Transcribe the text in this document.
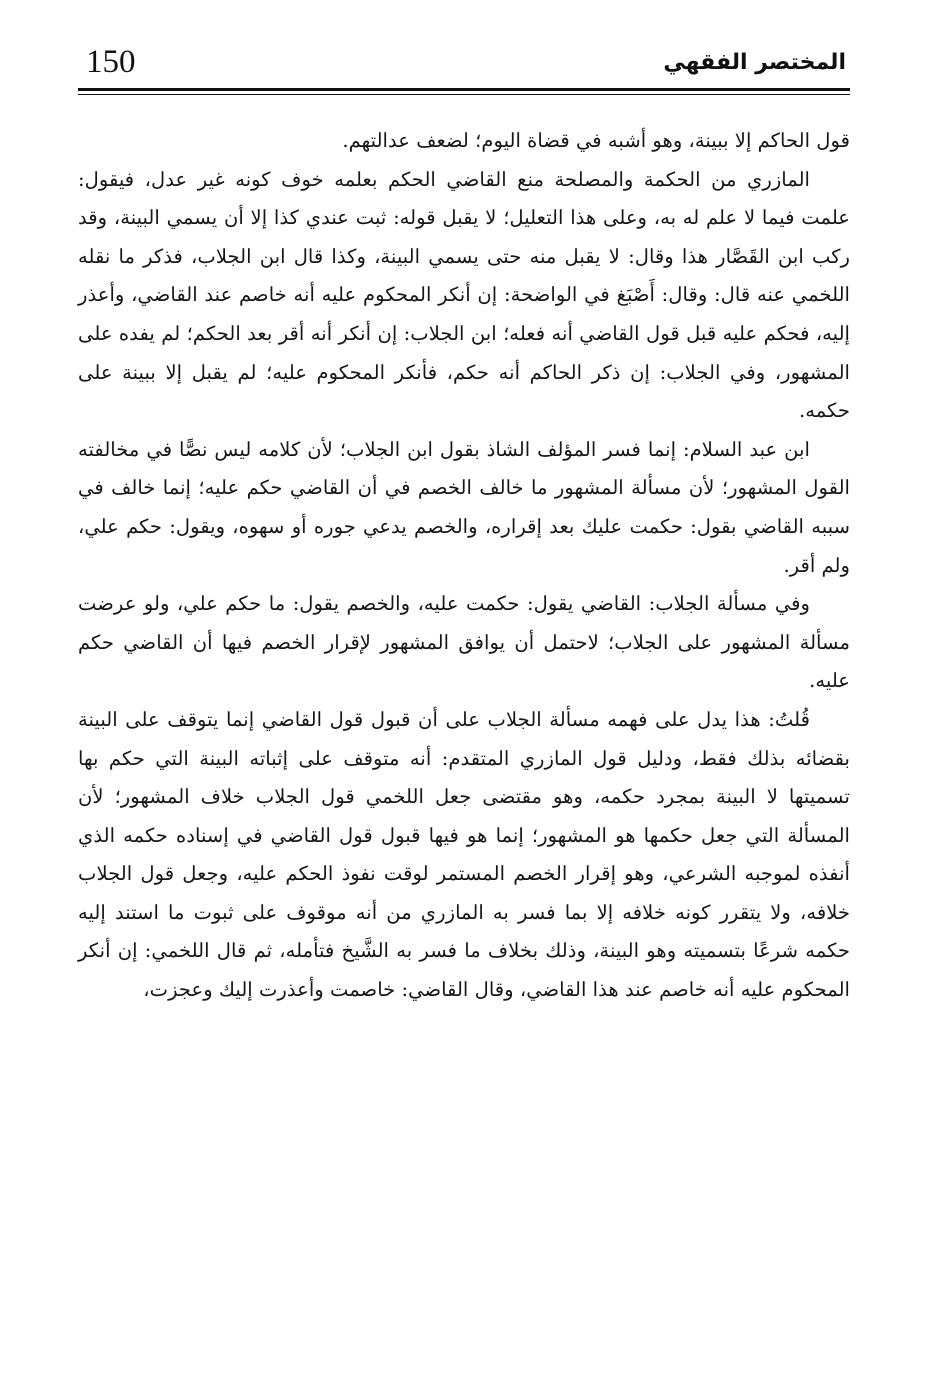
150	المختصر الفقهي

قول الحاكم إلا ببينة، وهو أشبه في قضاة اليوم؛ لضعف عدالتهم.

المازري من الحكمة والمصلحة منع القاضي الحكم بعلمه خوف كونه غير عدل، فيقول: علمت فيما لا علم له به، وعلى هذا التعليل؛ لا يقبل قوله: ثبت عندي كذا إلا أن يسمي البينة، وقد ركب ابن القَصَّار هذا وقال: لا يقبل منه حتى يسمي البينة، وكذا قال ابن الجلاب، فذكر ما نقله اللخمي عنه قال: وقال: أَصْبَغ في الواضحة: إن أنكر المحكوم عليه أنه خاصم عند القاضي، وأعذر إليه، فحكم عليه قبل قول القاضي أنه فعله؛ ابن الجلاب: إن أنكر أنه أقر بعد الحكم؛ لم يفده على المشهور، وفي الجلاب: إن ذكر الحاكم أنه حكم، فأنكر المحكوم عليه؛ لم يقبل إلا ببينة على حكمه.

ابن عبد السلام: إنما فسر المؤلف الشاذ بقول ابن الجلاب؛ لأن كلامه ليس نصًّا في مخالفته القول المشهور؛ لأن مسألة المشهور ما خالف الخصم في أن القاضي حكم عليه؛ إنما خالف في سببه القاضي بقول: حكمت عليك بعد إقراره، والخصم يدعي جوره أو سهوه، ويقول: حكم علي، ولم أقر.

وفي مسألة الجلاب: القاضي يقول: حكمت عليه، والخصم يقول: ما حكم علي، ولو عرضت مسألة المشهور على الجلاب؛ لاحتمل أن يوافق المشهور لإقرار الخصم فيها أن القاضي حكم عليه.

قُلتُ: هذا يدل على فهمه مسألة الجلاب على أن قبول قول القاضي إنما يتوقف على البينة بقضائه بذلك فقط، ودليل قول المازري المتقدم: أنه متوقف على إثباته البينة التي حكم بها تسميتها لا البينة بمجرد حكمه، وهو مقتضى جعل اللخمي قول الجلاب خلاف المشهور؛ لأن المسألة التي جعل حكمها هو المشهور؛ إنما هو فيها قبول قول القاضي في إسناده حكمه الذي أنفذه لموجبه الشرعي، وهو إقرار الخصم المستمر لوقت نفوذ الحكم عليه، وجعل قول الجلاب خلافه، ولا يتقرر كونه خلافه إلا بما فسر به المازري من أنه موقوف على ثبوت ما استند إليه حكمه شرعًا بتسميته وهو البينة، وذلك بخلاف ما فسر به الشَّيخ فتأمله، ثم قال اللخمي: إن أنكر المحكوم عليه أنه خاصم عند هذا القاضي، وقال القاضي: خاصمت وأعذرت إليك وعجزت،
